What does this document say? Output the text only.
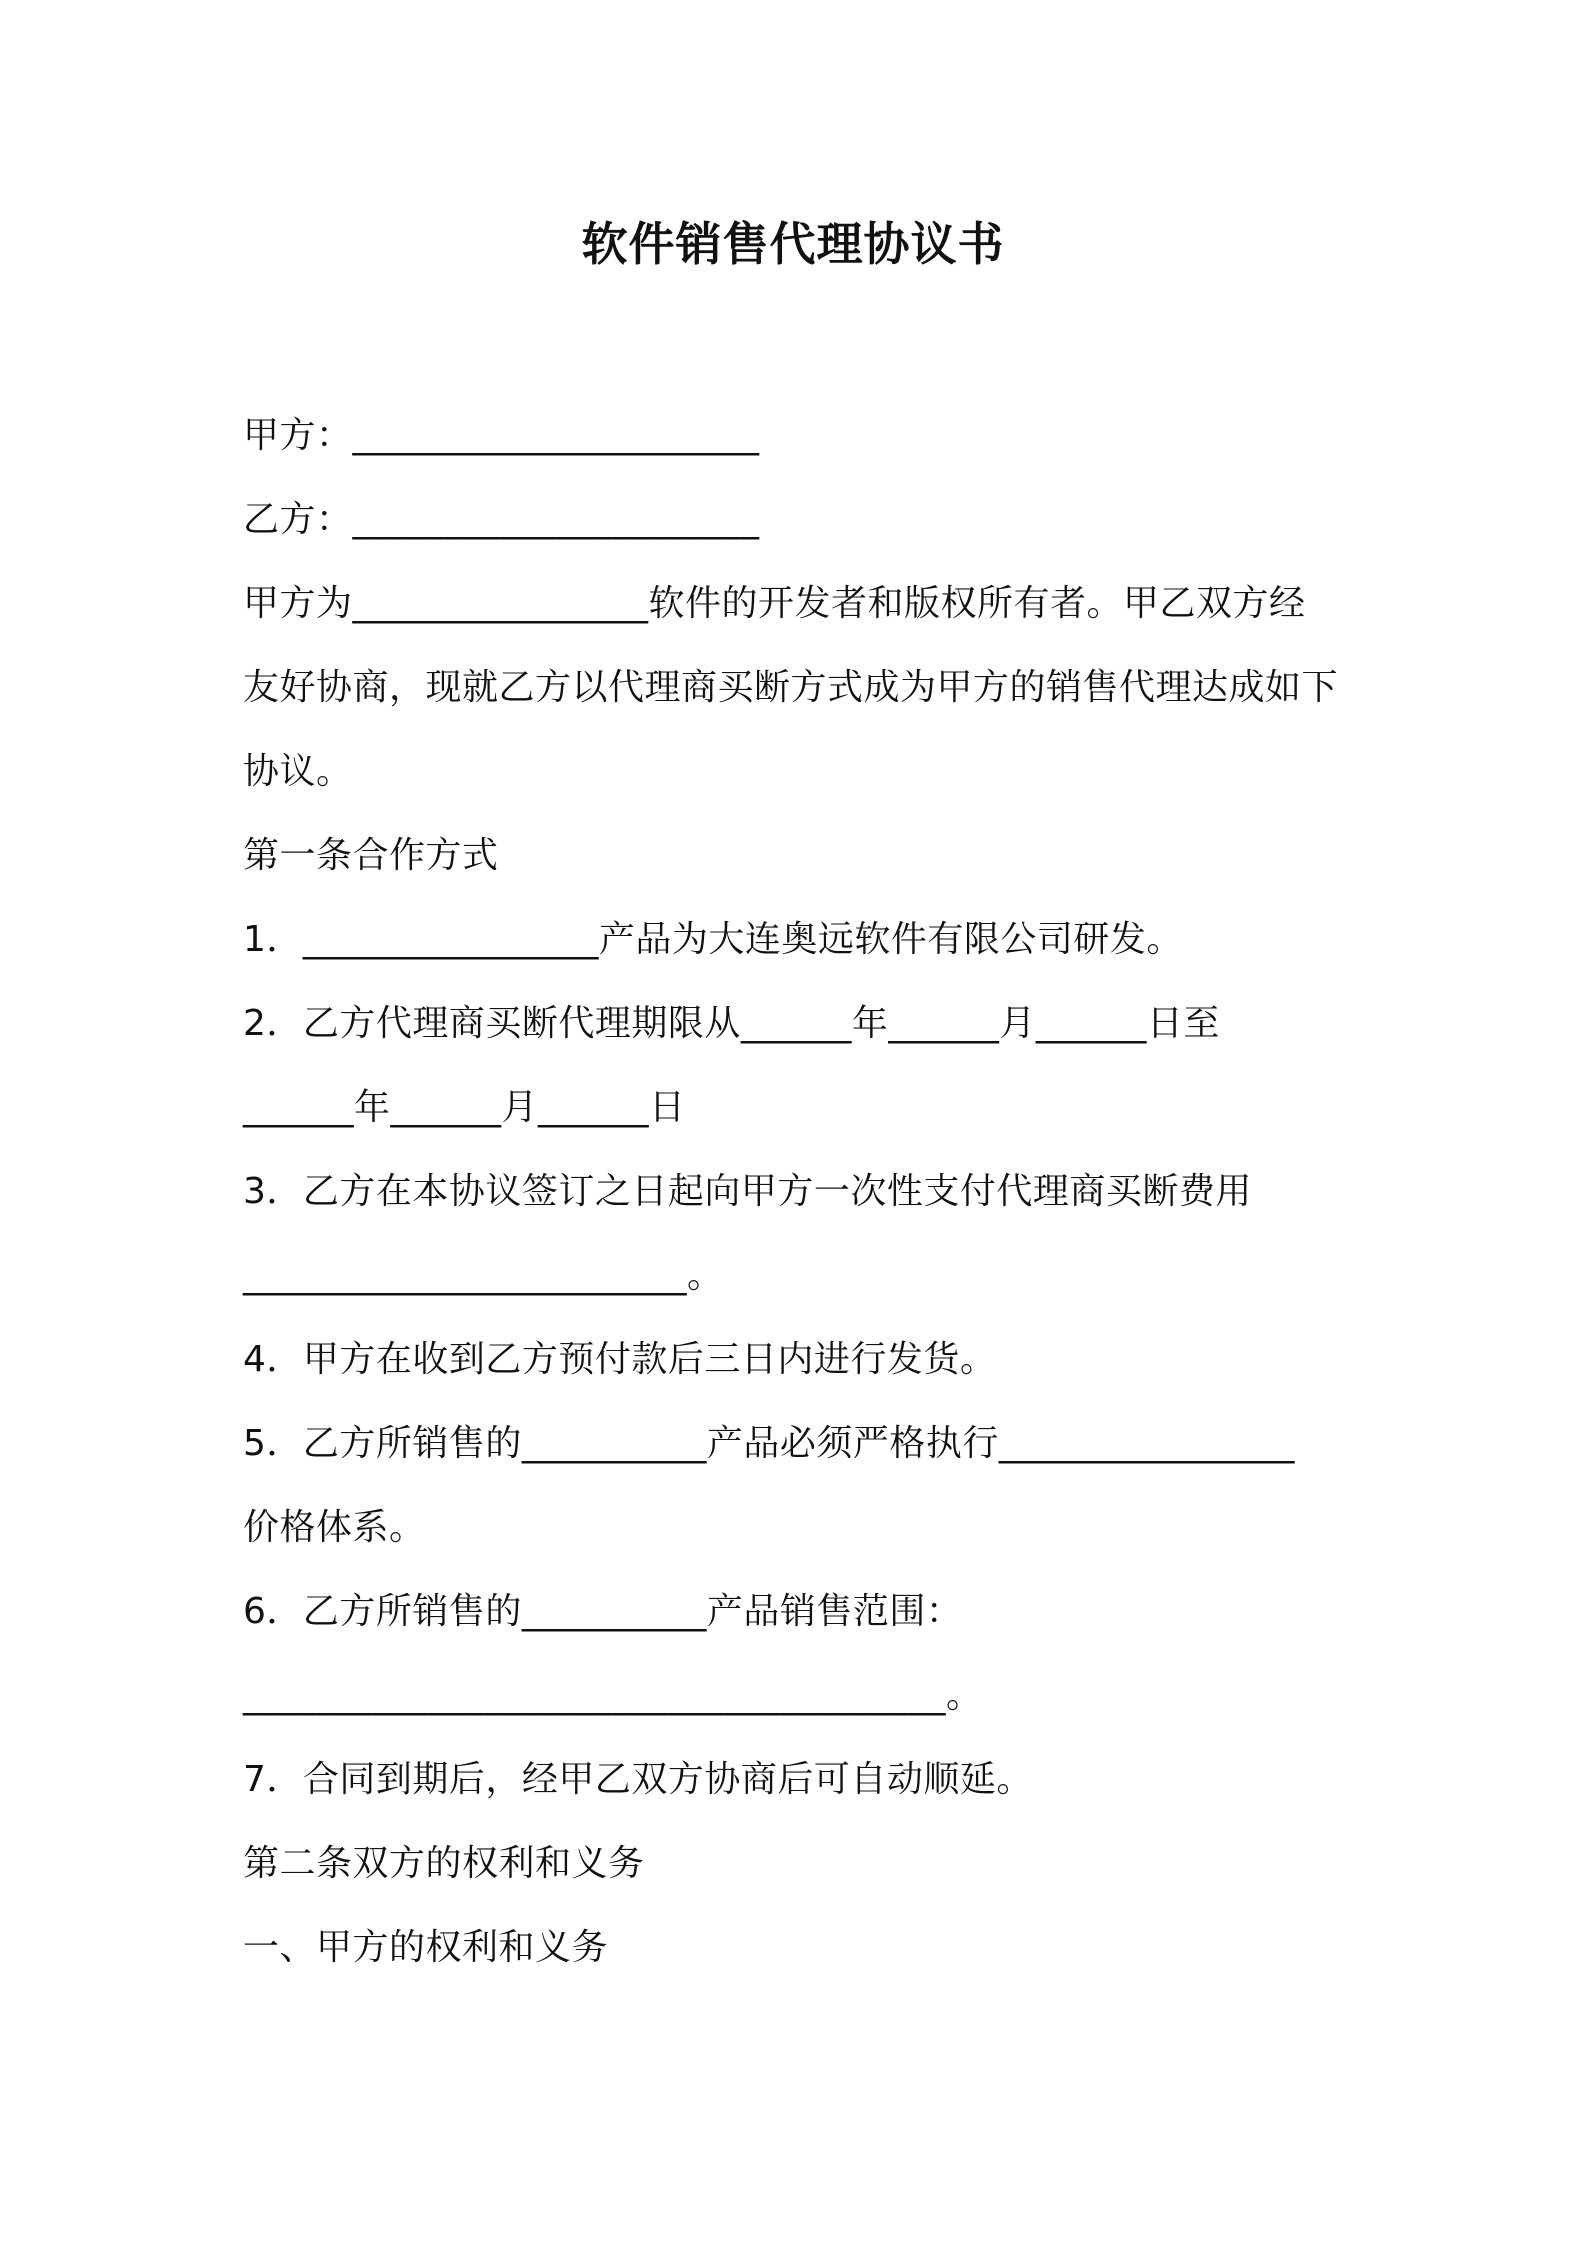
软件销售代理协议书
甲方：______________________
乙方：______________________
甲方为________________软件的开发者和版权所有者。甲乙双方经
友好协商，现就乙方以代理商买断方式成为甲方的销售代理达成如下
协议。
第一条合作方式
1．________________产品为大连奥远软件有限公司研发。
2．乙方代理商买断代理期限从______年______月______日至
______年______月______日
3．乙方在本协议签订之日起向甲方一次性支付代理商买断费用
________________________。
4．甲方在收到乙方预付款后三日内进行发货。
5．乙方所销售的__________产品必须严格执行________________
价格体系。
6．乙方所销售的__________产品销售范围：
______________________________________。
7．合同到期后，经甲乙双方协商后可自动顺延。
第二条双方的权利和义务
一、甲方的权利和义务
